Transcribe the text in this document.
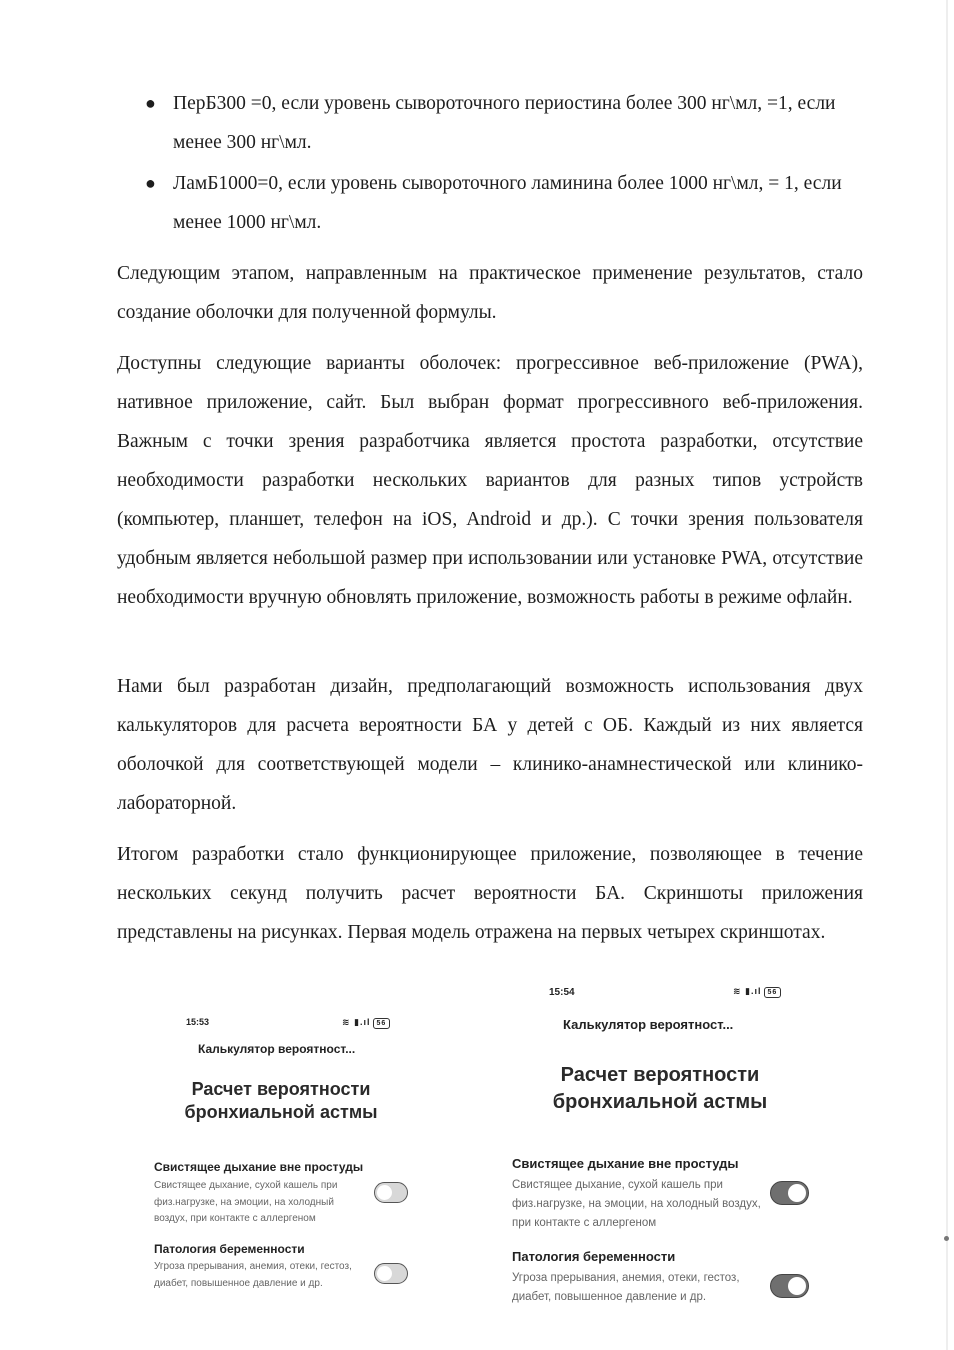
● ПерБ300 =0, если уровень сывороточного периостина более 300 нг\мл, =1, если менее 300 нг\мл.
● ЛамБ1000=0, если уровень сывороточного ламинина более 1000 нг\мл, = 1, если менее 1000 нг\мл.

Следующим этапом, направленным на практическое применение результатов, стало создание оболочки для полученной формулы.

Доступны следующие варианты оболочек: прогрессивное веб-приложение (PWA), нативное приложение, сайт. Был выбран формат прогрессивного веб-приложения. Важным с точки зрения разработчика является простота разработки, отсутствие необходимости разработки нескольких вариантов для разных типов устройств (компьютер, планшет, телефон на iOS, Android и др.). С точки зрения пользователя удобным является небольшой размер при использовании или установке PWA, отсутствие необходимости вручную обновлять приложение, возможность работы в режиме офлайн.

Нами был разработан дизайн, предполагающий возможность использования двух калькуляторов для расчета вероятности БА у детей с ОБ. Каждый из них является оболочкой для соответствующей модели – клинико-анамнестической или клинико-лабораторной.

Итогом разработки стало функционирующее приложение, позволяющее в течение нескольких секунд получить расчет вероятности БА. Скриншоты приложения представлены на рисунках. Первая модель отражена на первых четырех скриншотах.

15:53	≋ ▮.ıl 56
Калькулятор вероятност...
Расчет вероятности бронхиальной астмы
Свистящее дыхание вне простуды
Свистящее дыхание, сухой кашель при физ.нагрузке, на эмоции, на холодный воздух, при контакте с аллергеном
Патология беременности
Угроза прерывания, анемия, отеки, гестоз, диабет, повышенное давление и др.
15:54	≋ ▮.ıl 56
Калькулятор вероятност...
Расчет вероятности бронхиальной астмы
Свистящее дыхание вне простуды
Свистящее дыхание, сухой кашель при физ.нагрузке, на эмоции, на холодный воздух, при контакте с аллергеном
Патология беременности
Угроза прерывания, анемия, отеки, гестоз, диабет, повышенное давление и др.
